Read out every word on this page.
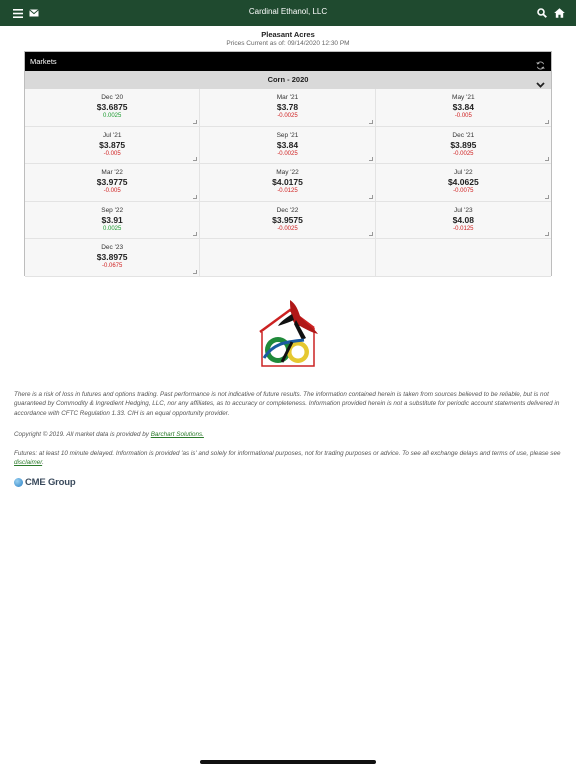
Cardinal Ethanol, LLC
Pleasant Acres
Prices Current as of: 09/14/2020 12:30 PM
Markets
Corn - 2020
Dec '20
$3.6875
0.0025
Mar '21
$3.78
-0.0025
May '21
$3.84
-0.005
Jul '21
$3.875
-0.005
Sep '21
$3.84
-0.0025
Dec '21
$3.895
-0.0025
Mar '22
$3.9775
-0.005
May '22
$4.0175
-0.0125
Jul '22
$4.0625
-0.0075
Sep '22
$3.91
0.0025
Dec '22
$3.9575
-0.0025
Jul '23
$4.08
-0.0125
Dec '23
$3.8975
-0.0675
There is a risk of loss in futures and options trading. Past performance is not indicative of future results. The information contained herein is taken from sources believed to be reliable, but is not guaranteed by Commodity & Ingredient Hedging, LLC, nor any affiliates, as to accuracy or completeness. Information provided herein is not a substitute for periodic account statements delivered in accordance with CFTC Regulation 1.33. CIH is an equal opportunity provider.
Copyright © 2019. All market data is provided by Barchart Solutions.
Futures: at least 10 minute delayed. Information is provided 'as is' and solely for informational purposes, not for trading purposes or advice. To see all exchange delays and terms of use, please see disclaimer.
CME Group
